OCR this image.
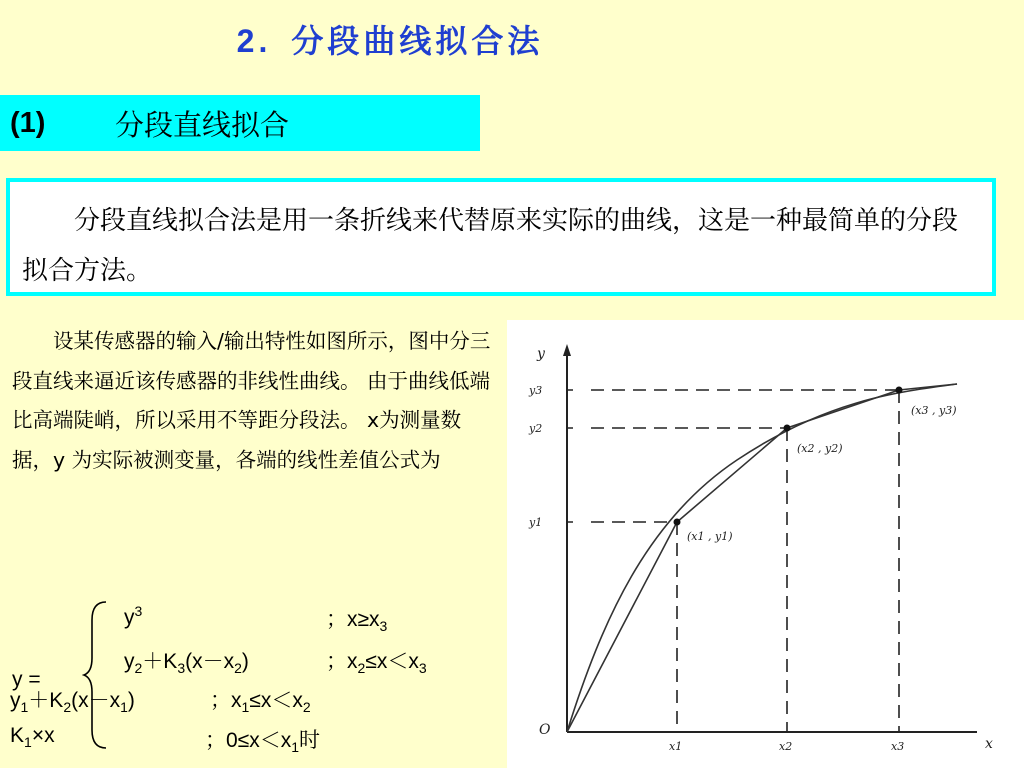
2. 分段曲线拟合法
(1)	分段直线拟合

分段直线拟合法是用一条折线来代替原来实际的曲线，这是一种最简单的分段拟合方法。

设某传感器的输入/输出特性如图所示，图中分三段直线来逼近该传感器的非线性曲线。 由于曲线低端比高端陡峭，所以采用不等距分段法。 x为测量数据，y 为实际被测变量，各端的线性差值公式为
y =
$y^3$	；$x\ge x_3$
$y_2+K_3(x-x_2)$	；$x_2\le x<x_3$
$y_1+K_2(x-x_1)$	；$x_1\le x<x_2$
$K_1\times x$	；$0\le x<x_1$时
y
x
O
y3
y2
y1
x1	x2	x3
(x1 , y1)
(x2 , y2)
(x3 , y3)
